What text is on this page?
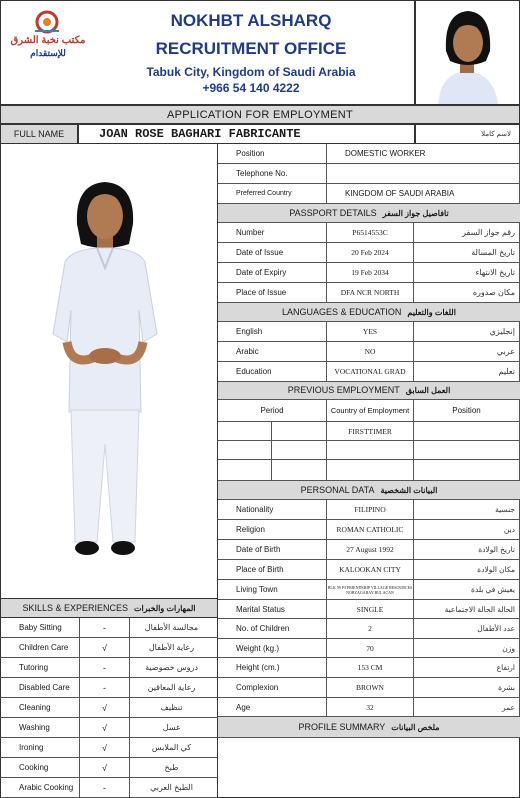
مكتب نخبة الشرق
للإستقدام
NOKHBT ALSHARQ
RECRUITMENT OFFICE
Tabuk City, Kingdom of Saudi Arabia
+966 54 140 4222
APPLICATION FOR EMPLOYMENT
FULL NAME	JOAN ROSE BAGHARI FABRICANTE	لاسم كاملا
Position	DOMESTIC WORKER
Telephone No.
Preferred Country	KINGDOM OF SAUDI ARABIA
PASSPORT DETAILS تافاصيل جواز السفر
LANGUAGES & EDUCATION اللغات والتعليم
PREVIOUS EMPLOYMENT العمل السابق
Period	Country of Employment	Position
PERSONAL DATA البيانات الشخصية
PROFILE SUMMARY ملخص البيانات
SKILLS & EXPERIENCES المهارات والخبرات
Number	P6514553C	رقم جواز السفر
Date of Issue	20 Feb 2024	تاريخ المسالة
Date of Expiry	19 Feb 2034	تاريخ الانتهاء
Place of Issue	DFA NCR NORTH	مكان صدوره
English	YES	إنجليزي
Arabic	NO	عربي
Education	VOCATIONAL GRAD	تعليم
FIRSTTIMER
Nationality	FILIPINO	جنسية
Religion	ROMAN CATHOLIC	دين
Date of Birth	27 August 1992	تاريخ الولادة
Place of Birth	KALOOKAN CITY	مكان الولادة
Living Town	BLK 39 P3 FRIENDSHIP VILLAGE RESOURCES NORZAGARAY BULACAN	يعيش في بلدة
Marital Status	SINGLE	الحالة الحالة الاجتماعية
No. of Children	2	عدد الأطفال
Weight (kg.)	70	وزن
Height (cm.)	153 CM	ارتفاع
Complexion	BROWN	بشرة
Age	32	عمر
Baby Sitting	-	مجالسة الأطفال
Children Care	√	رعاية الأطفال
Tutoring	-	دروس خصوصية
Disabled Care	-	رعاية المعاقين
Cleaning	√	تنظيف
Washing	√	غسل
Ironing	√	كي الملابس
Cooking	√	طبخ
Arabic Cooking	-	الطبخ العربي
